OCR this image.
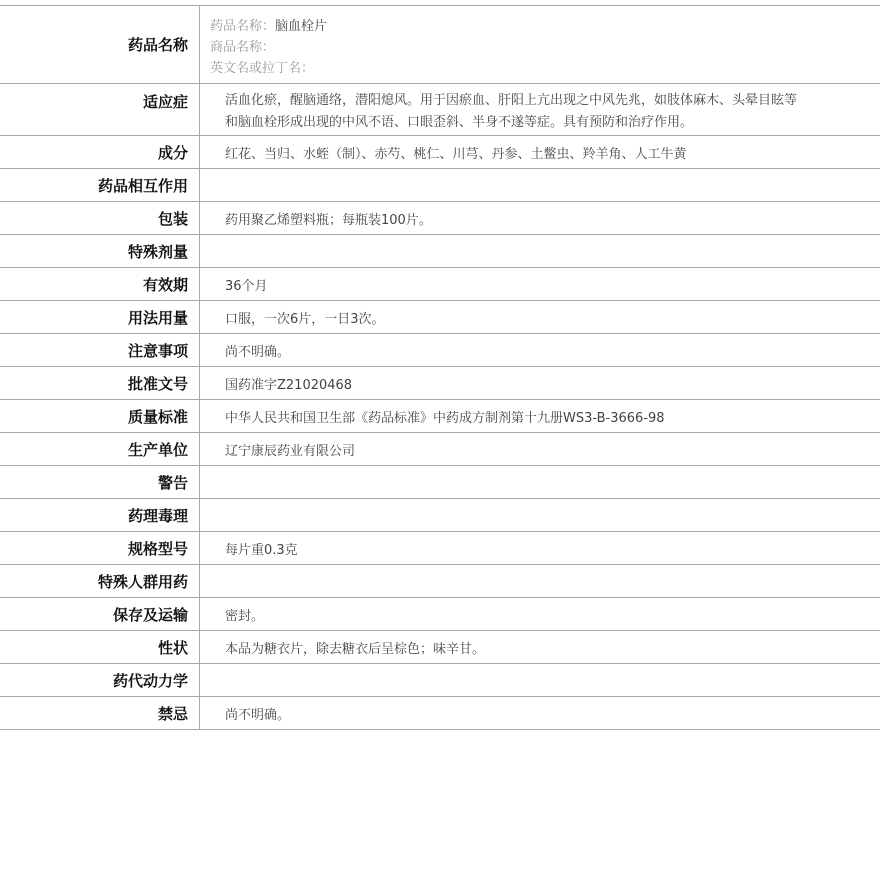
药品名称
药品名称：脑血栓片
商品名称：
英文名或拉丁名：
适应症	活血化瘀，醒脑通络，潜阳熄风。用于因瘀血、肝阳上亢出现之中风先兆，如肢体麻木、头晕目眩等和脑血栓形成出现的中风不语、口眼歪斜、半身不遂等症。具有预防和治疗作用。
成分	红花、当归、水蛭（制）、赤芍、桃仁、川芎、丹参、土鳖虫、羚羊角、人工牛黄
药品相互作用
包装	药用聚乙烯塑料瓶；每瓶装100片。
特殊剂量
有效期	36个月
用法用量	口服，一次6片，一日3次。
注意事项	尚不明确。
批准文号	国药准字Z21020468
质量标准	中华人民共和国卫生部《药品标准》中药成方制剂第十九册WS3-B-3666-98
生产单位	辽宁康辰药业有限公司
警告
药理毒理
规格型号	每片重0.3克
特殊人群用药
保存及运输	密封。
性状	本品为糖衣片，除去糖衣后呈棕色；味辛甘。
药代动力学
禁忌	尚不明确。
